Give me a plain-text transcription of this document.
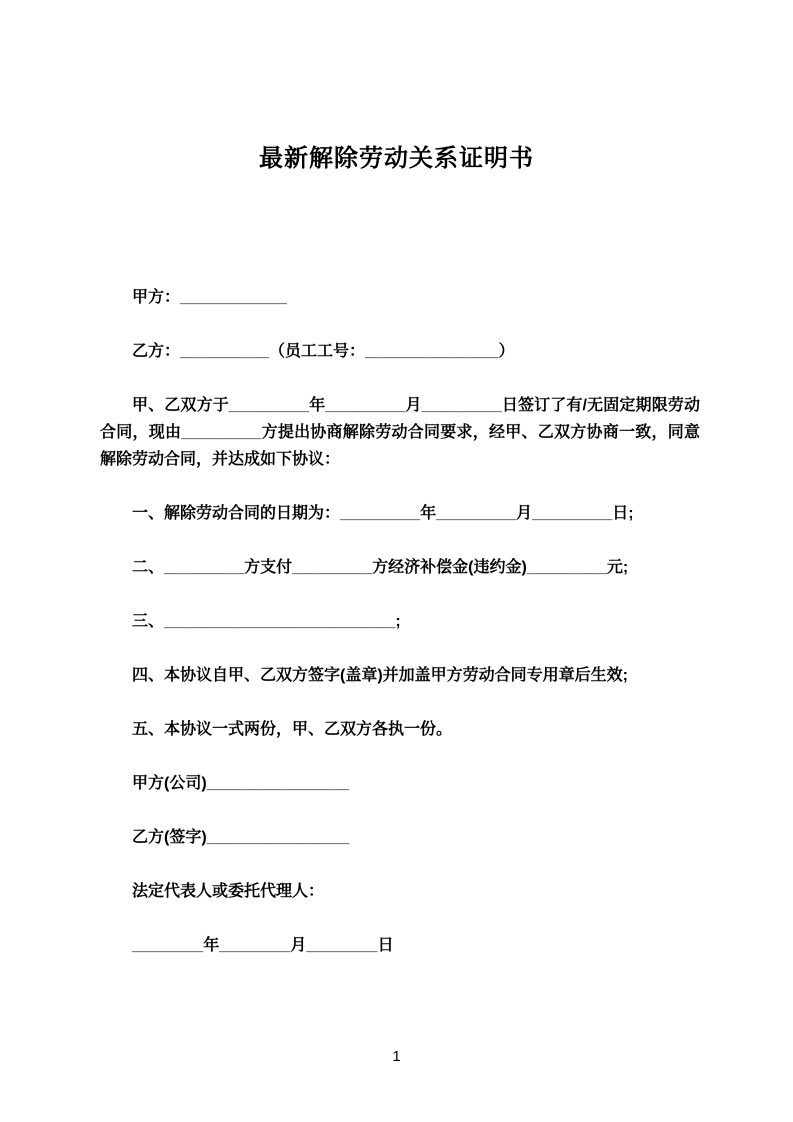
最新解除劳动关系证明书
甲方：____________
乙方：__________（员工工号：_______________）
甲、乙双方于_________年_________月_________日签订了有/无固定期限劳动合同，现由_________方提出协商解除劳动合同要求，经甲、乙双方协商一致，同意解除劳动合同，并达成如下协议：
一、解除劳动合同的日期为：_________年_________月_________日;
二、_________方支付_________方经济补偿金(违约金)_________元;
三、__________________________;
四、本协议自甲、乙双方签字(盖章)并加盖甲方劳动合同专用章后生效;
五、本协议一式两份，甲、乙双方各执一份。
甲方(公司)________________
乙方(签字)________________
法定代表人或委托代理人：
________年________月________日
1
